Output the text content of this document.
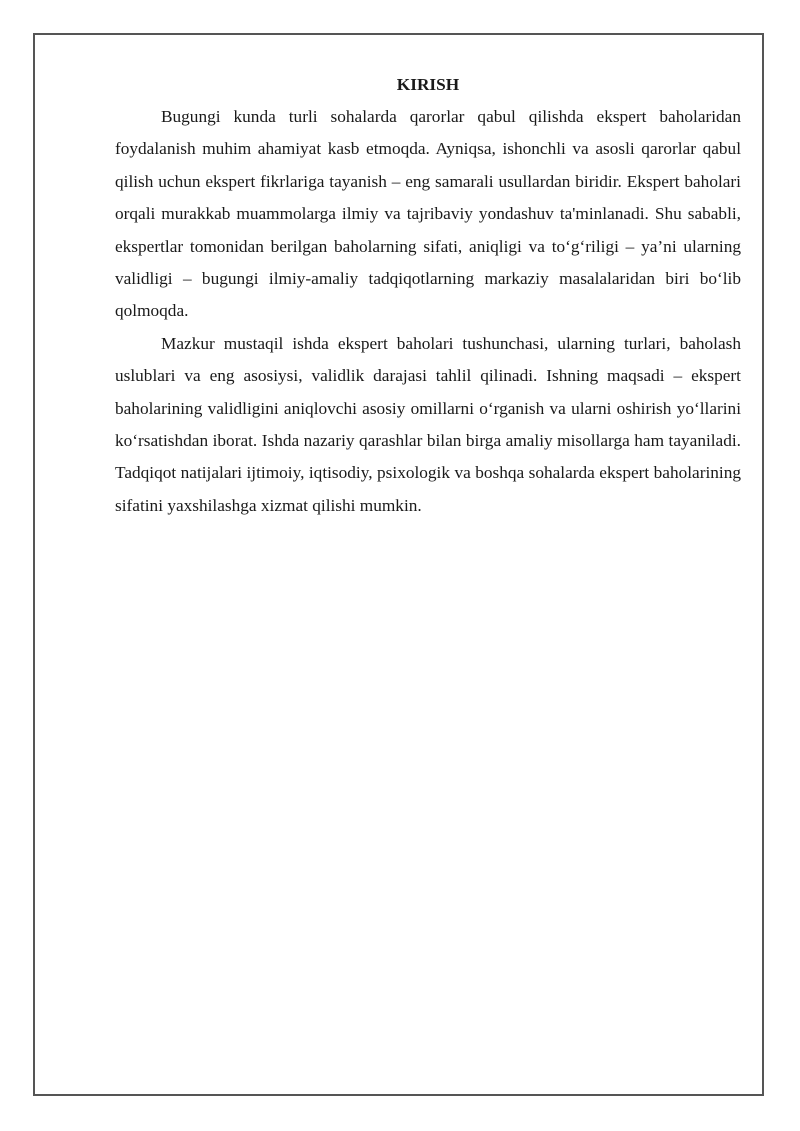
KIRISH

Bugungi kunda turli sohalarda qarorlar qabul qilishda ekspert baholaridan foydalanish muhim ahamiyat kasb etmoqda. Ayniqsa, ishonchli va asosli qarorlar qabul qilish uchun ekspert fikrlariga tayanish – eng samarali usullardan biridir. Ekspert baholari orqali murakkab muammolarga ilmiy va tajribaviy yondashuv ta'minlanadi. Shu sababli, ekspertlar tomonidan berilgan baholarning sifati, aniqligi va to‘g‘riligi – ya’ni ularning validligi – bugungi ilmiy-amaliy tadqiqotlarning markaziy masalalaridan biri bo‘lib qolmoqda.

Mazkur mustaqil ishda ekspert baholari tushunchasi, ularning turlari, baholash uslublari va eng asosiysi, validlik darajasi tahlil qilinadi. Ishning maqsadi – ekspert baholarining validligini aniqlovchi asosiy omillarni o‘rganish va ularni oshirish yo‘llarini ko‘rsatishdan iborat. Ishda nazariy qarashlar bilan birga amaliy misollarga ham tayaniladi. Tadqiqot natijalari ijtimoiy, iqtisodiy, psixologik va boshqa sohalarda ekspert baholarining sifatini yaxshilashga xizmat qilishi mumkin.
